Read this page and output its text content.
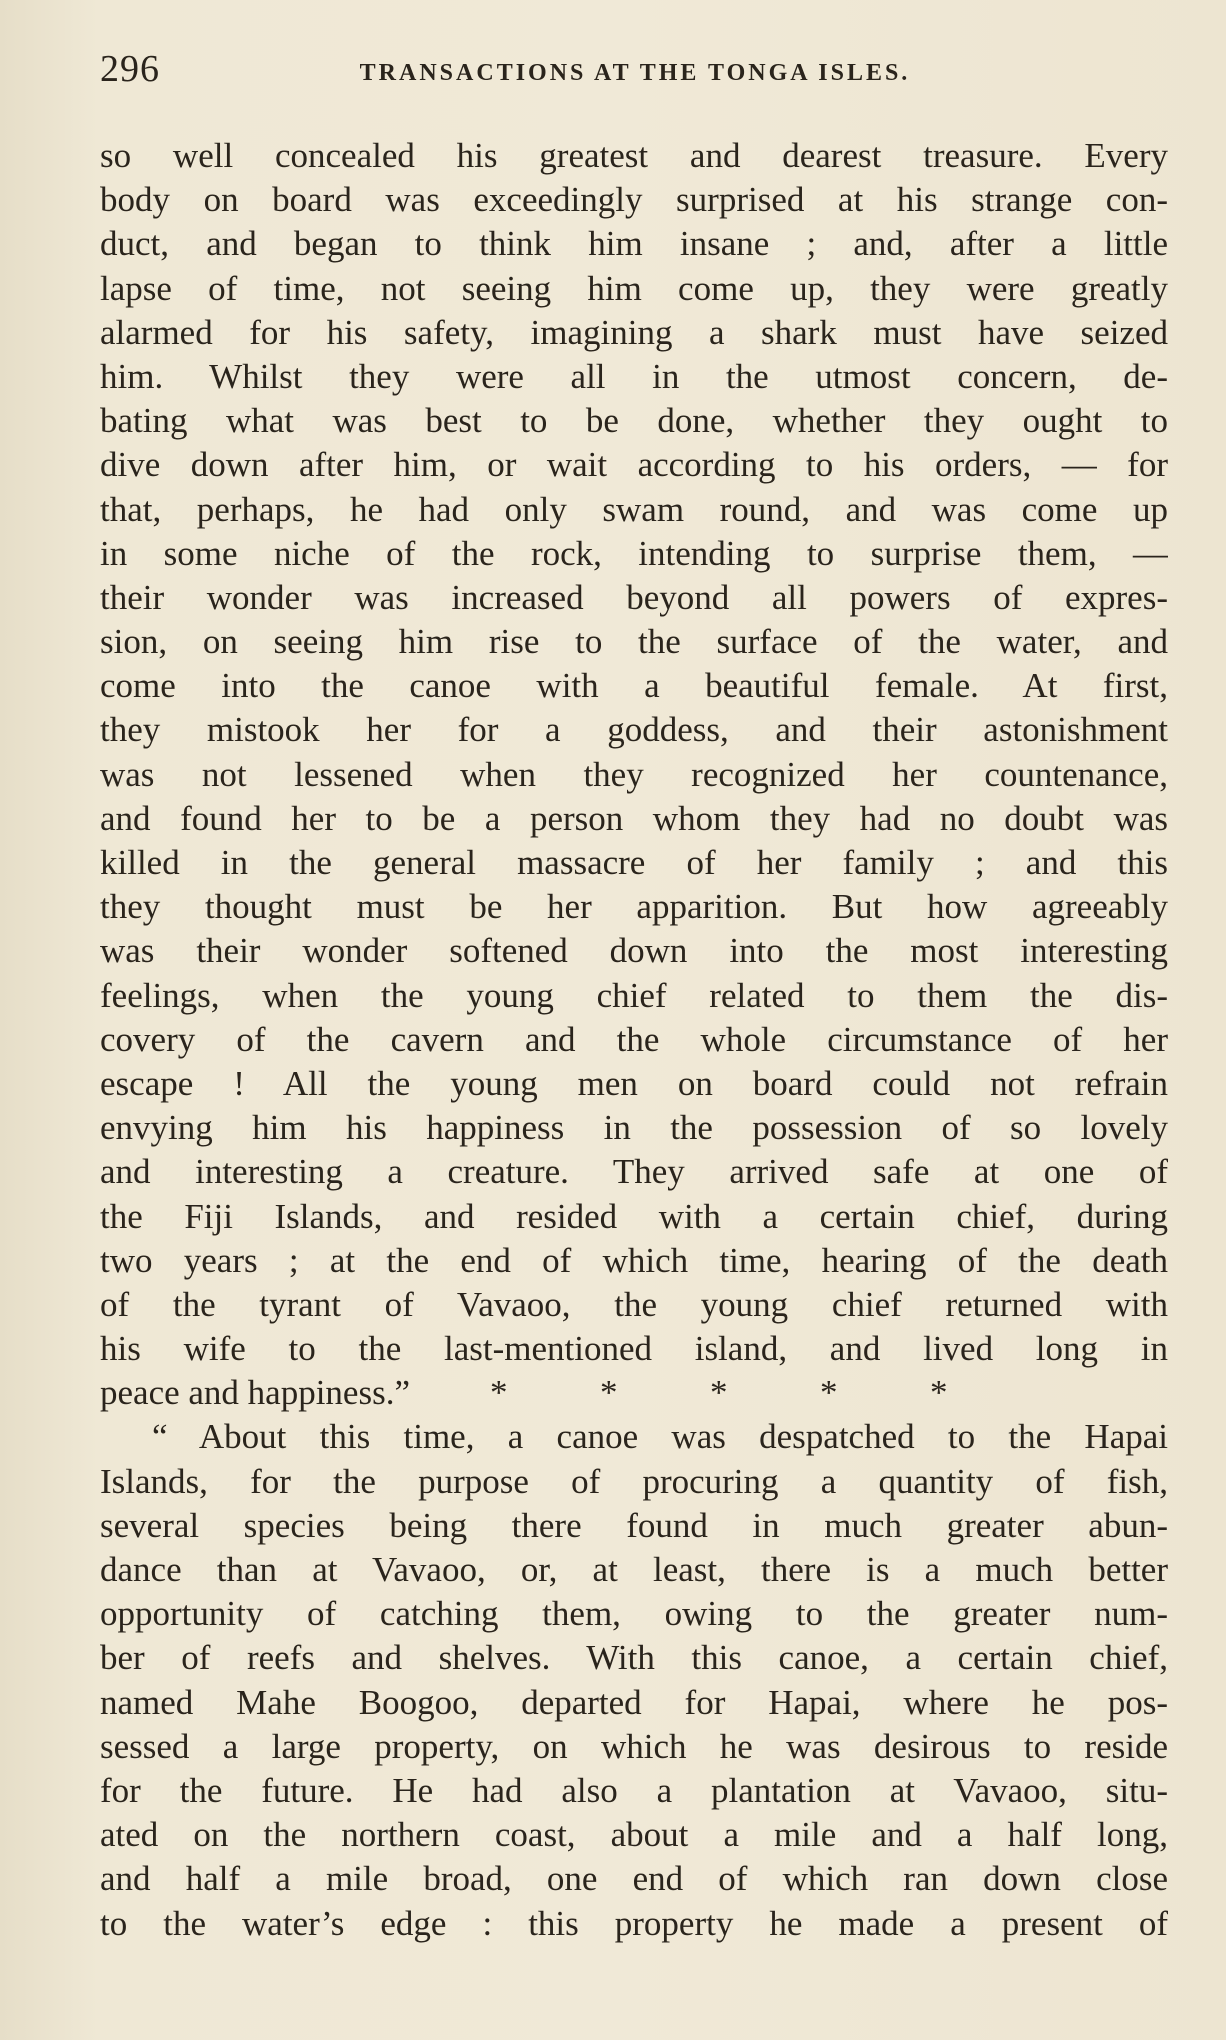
296	TRANSACTIONS AT THE TONGA ISLES.
so well concealed his greatest and dearest treasure. Every
body on board was exceedingly surprised at his strange con-
duct, and began to think him insane ; and, after a little
lapse of time, not seeing him come up, they were greatly
alarmed for his safety, imagining a shark must have seized
him. Whilst they were all in the utmost concern, de-
bating what was best to be done, whether they ought to
dive down after him, or wait according to his orders, — for
that, perhaps, he had only swam round, and was come up
in some niche of the rock, intending to surprise them, —
their wonder was increased beyond all powers of expres-
sion, on seeing him rise to the surface of the water, and
come into the canoe with a beautiful female. At first,
they mistook her for a goddess, and their astonishment
was not lessened when they recognized her countenance,
and found her to be a person whom they had no doubt was
killed in the general massacre of her family ; and this
they thought must be her apparition. But how agreeably
was their wonder softened down into the most interesting
feelings, when the young chief related to them the dis-
covery of the cavern and the whole circumstance of her
escape ! All the young men on board could not refrain
envying him his happiness in the possession of so lovely
and interesting a creature. They arrived safe at one of
the Fiji Islands, and resided with a certain chief, during
two years ; at the end of which time, hearing of the death
of the tyrant of Vavaoo, the young chief returned with
his wife to the last-mentioned island, and lived long in
peace and happiness.” *	*	*	*	*
“ About this time, a canoe was despatched to the Hapai
Islands, for the purpose of procuring a quantity of fish,
several species being there found in much greater abun-
dance than at Vavaoo, or, at least, there is a much better
opportunity of catching them, owing to the greater num-
ber of reefs and shelves. With this canoe, a certain chief,
named Mahe Boogoo, departed for Hapai, where he pos-
sessed a large property, on which he was desirous to reside
for the future. He had also a plantation at Vavaoo, situ-
ated on the northern coast, about a mile and a half long,
and half a mile broad, one end of which ran down close
to the water’s edge : this property he made a present of
